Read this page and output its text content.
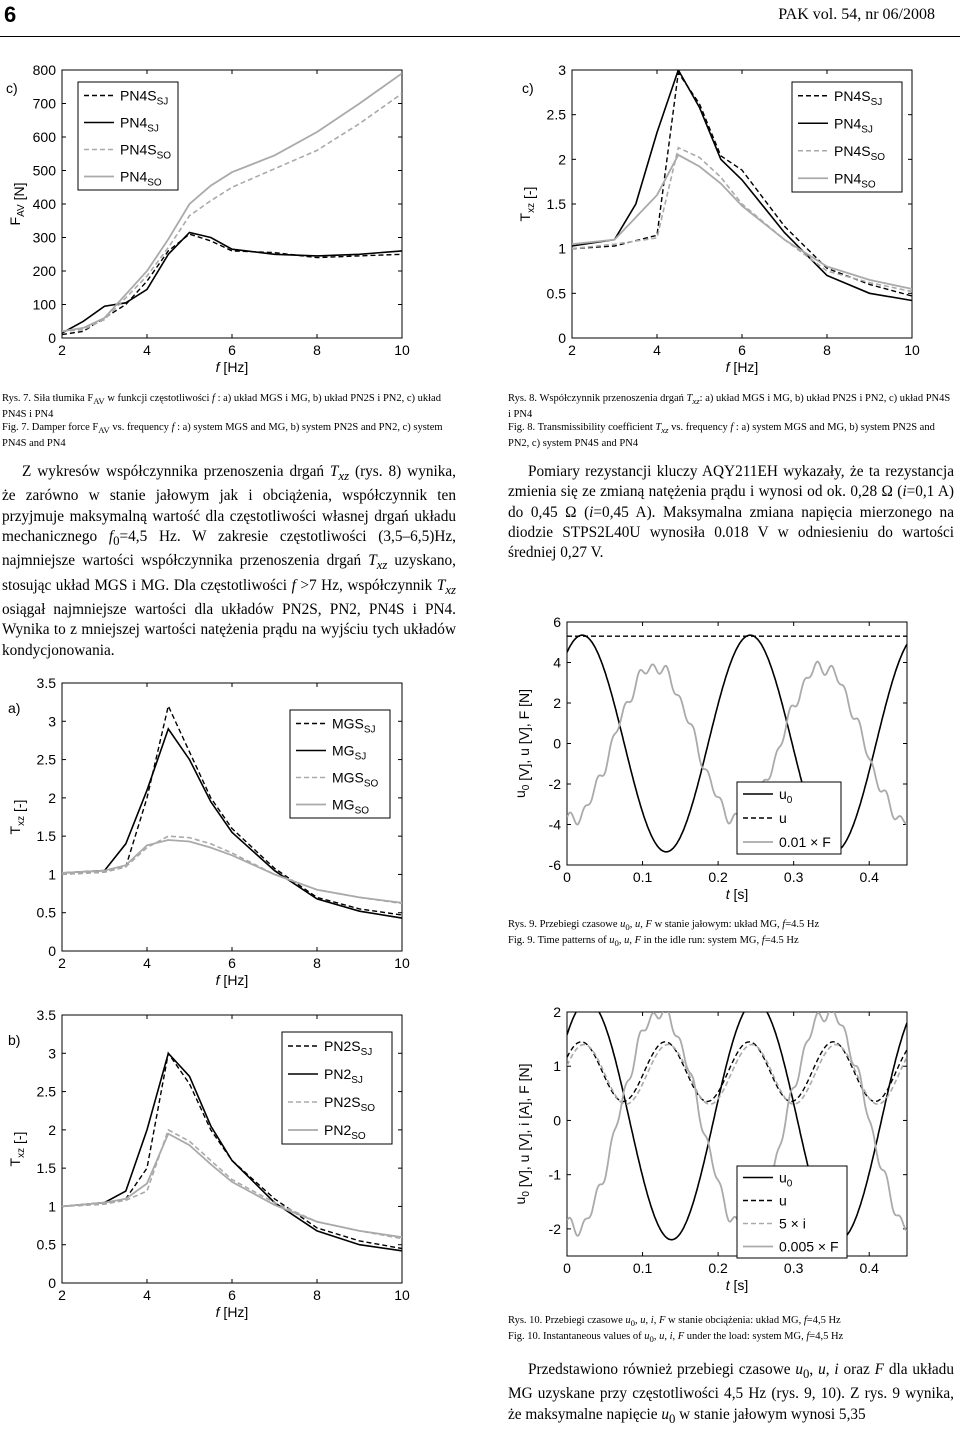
6	PAK vol. 54, nr 06/2008
2	4	6	8	10
0
100
200
300
400
500
600
700
800
f [Hz]
$F_{AV}$ [N]
c)	$PN4S_{SJ}$
$PN4_{SJ}$
$PN4S_{SO}$
$PN4_{SO}$
2	4	6	8	10
0
0.5
1
1.5
2
2.5
3
f [Hz]
$T_{xz}$ [-]
c)	$PN4S_{SJ}$
$PN4_{SJ}$
$PN4S_{SO}$
$PN4_{SO}$
Rys. 7. Siła tłumika $F_{AV}$ w funkcji częstotliwości f : a) układ MGS i MG, b) układ PN2S i PN2, c) układ PN4S i PN4
Fig. 7. Damper force $F_{AV}$ vs. frequency f : a) system MGS and MG, b) system PN2S and PN2, c) system PN4S and PN4
Rys. 8. Współczynnik przenoszenia drgań $T_{xz}$: a) układ MGS i MG, b) układ PN2S i PN2, c) układ PN4S i PN4
Fig. 8. Transmissibility coefficient $T_{xz}$ vs. frequency f : a) system MGS and MG, b) system PN2S and PN2, c) system PN4S and PN4
Z wykresów współczynnika przenoszenia drgań $T_{xz}$ (rys. 8) wynika, że zarówno w stanie jałowym jak i obciążenia, współczynnik ten przyjmuje maksymalną wartość dla częstotliwości własnej drgań układu mechanicznego $f_0=4,5$ Hz. W zakresie częstotliwości (3,5–6,5)Hz, najmniejsze wartości współczynnika przenoszenia drgań $T_{xz}$ uzyskano, stosując układ MGS i MG. Dla częstotliwości f >7 Hz, współczynnik $T_{xz}$ osiągał najmniejsze wartości dla układów PN2S, PN2, PN4S i PN4. Wynika to z mniejszej wartości natężenia prądu na wyjściu tych układów kondycjonowania.
Pomiary rezystancji kluczy AQY211EH wykazały, że ta rezystancja zmienia się ze zmianą natężenia prądu i wynosi od ok. 0,28 Ω (i=0,1 A) do 0,45 Ω (i=0,45 A). Maksymalna zmiana napięcia mierzonego na diodzie STPS2L40U wynosiła 0.018 V w odniesieniu do wartości średniej 0,27 V.
2	4	6	8	10
0
0.5
1
1.5
2
2.5
3
3.5
f [Hz]
$T_{xz}$ [-]
a)
$MGS_{SJ}$
$MG_{SJ}$
$MGS_{SO}$
$MG_{SO}$
2	4	6	8	10
0
0.5
1
1.5
2
2.5
3
3.5
f [Hz]
$T_{xz}$ [-]
b)	$PN2S_{SJ}$
$PN2_{SJ}$
$PN2S_{SO}$
$PN2_{SO}$
0	0.1	0.2	0.3	0.4
-6
-4
-2
0
2
4
6
t [s]
$u_0$ [V], u [V], F [N]
$u_0$
u
0.01 × F
Rys. 9. Przebiegi czasowe $u_0$, u, F w stanie jałowym: układ MG, f=4.5 Hz
Fig. 9. Time patterns of $u_0$, u, F in the idle run: system MG, f=4.5 Hz
0	0.1	0.2	0.3	0.4
-2
-1
0
1
2
t [s]
$u_0$ [V], u [V], i [A], F [N]	$u_0$
u
5 × i
0.005 × F
Rys. 10. Przebiegi czasowe $u_0$, u, i, F w stanie obciążenia: układ MG, f=4,5 Hz
Fig. 10. Instantaneous values of $u_0$, u, i, F under the load: system MG, f=4,5 Hz
Przedstawiono również przebiegi czasowe $u_0$, u, i oraz F dla układu MG uzyskane przy częstotliwości 4,5 Hz (rys. 9, 10). Z rys. 9 wynika, że maksymalne napięcie $u_0$ w stanie jałowym wynosi 5,35
